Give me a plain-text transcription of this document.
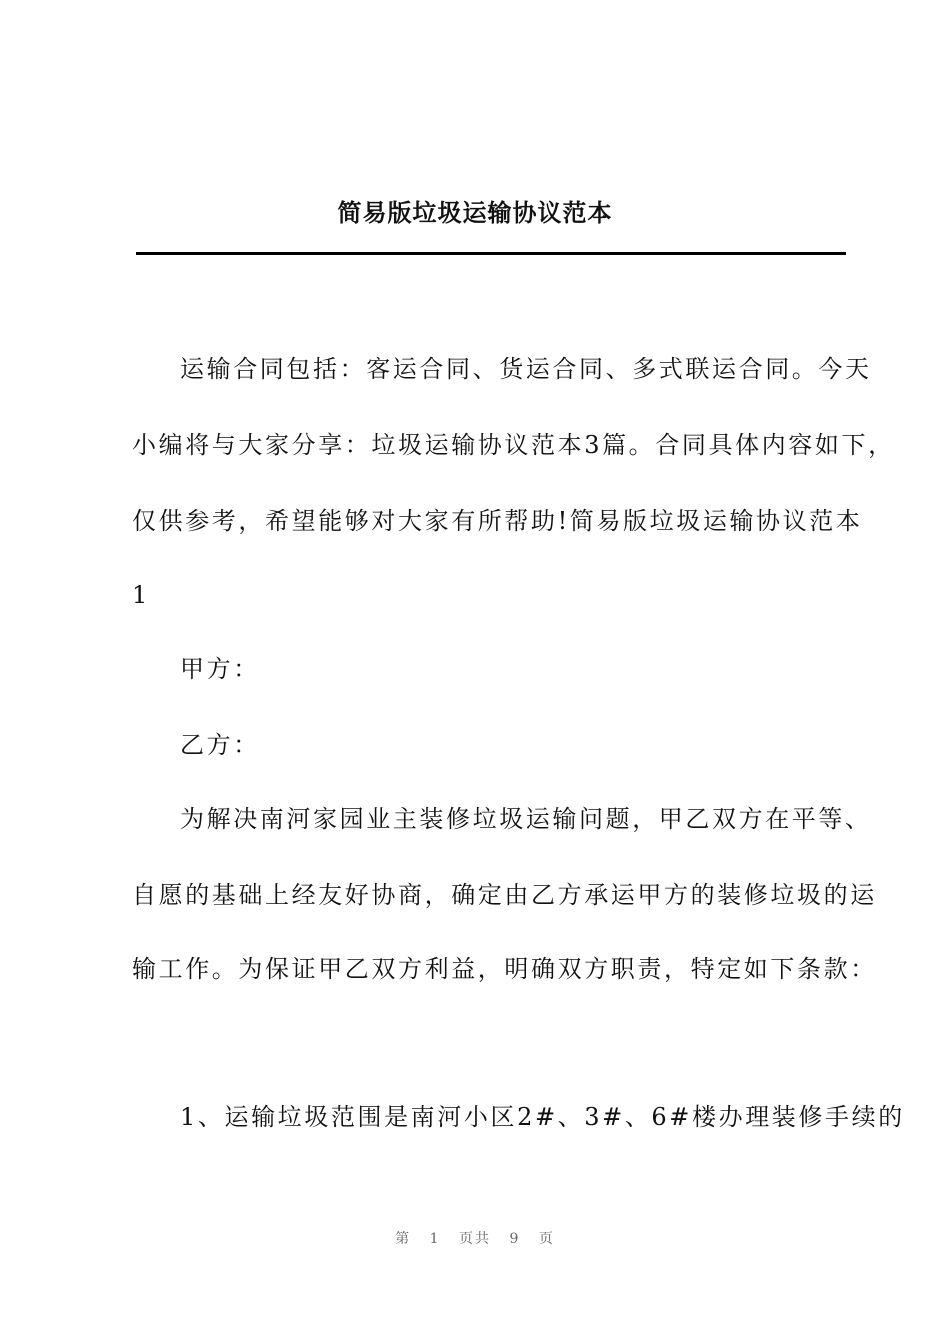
简易版垃圾运输协议范本
运输合同包括：客运合同、货运合同、多式联运合同。今天
小编将与大家分享：垃圾运输协议范本3篇。合同具体内容如下，
仅供参考，希望能够对大家有所帮助!简易版垃圾运输协议范本
1
甲方：
乙方：
为解决南河家园业主装修垃圾运输问题，甲乙双方在平等、
自愿的基础上经友好协商，确定由乙方承运甲方的装修垃圾的运
输工作。为保证甲乙双方利益，明确双方职责，特定如下条款：
1、运输垃圾范围是南河小区2#、3#、6#楼办理装修手续的
第 1 页共 9 页
